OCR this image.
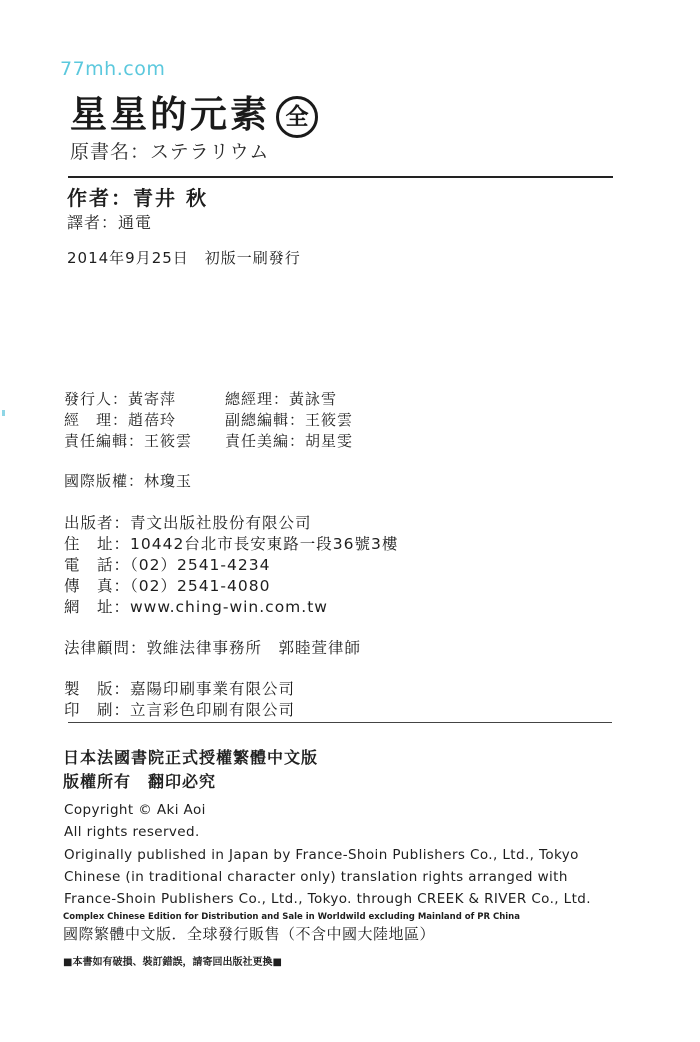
77mh.com
星星的元素 全
原書名：ステラリウム
作者：青井 秋
譯者：通電
2014年9月25日　初版一刷發行
發行人：黃寄萍	總經理：黃詠雪
經　理：趙蓓玲	副總編輯：王筱雲
責任編輯：王筱雲 責任美編：胡星雯
國際版權：林瓊玉
出版者：青文出版社股份有限公司
住　址：10442台北市長安東路一段36號3樓
電　話：（02）2541-4234
傳　真：（02）2541-4080
網　址：www.ching-win.com.tw
法律顧問：敦維法律事務所　郭睦萱律師
製　版：嘉陽印刷事業有限公司
印　刷：立言彩色印刷有限公司
日本法國書院正式授權繁體中文版
版權所有　翻印必究
Copyright © Aki Aoi
All rights reserved.
Originally published in Japan by France-Shoin Publishers Co., Ltd., Tokyo
Chinese (in traditional character only) translation rights arranged with
France-Shoin Publishers Co., Ltd., Tokyo. through CREEK & RIVER Co., Ltd.
Complex Chinese Edition for Distribution and Sale in Worldwild excluding Mainland of PR China
國際繁體中文版．全球發行販售（不含中國大陸地區）
■本書如有破損、裝訂錯誤，請寄回出版社更換■
